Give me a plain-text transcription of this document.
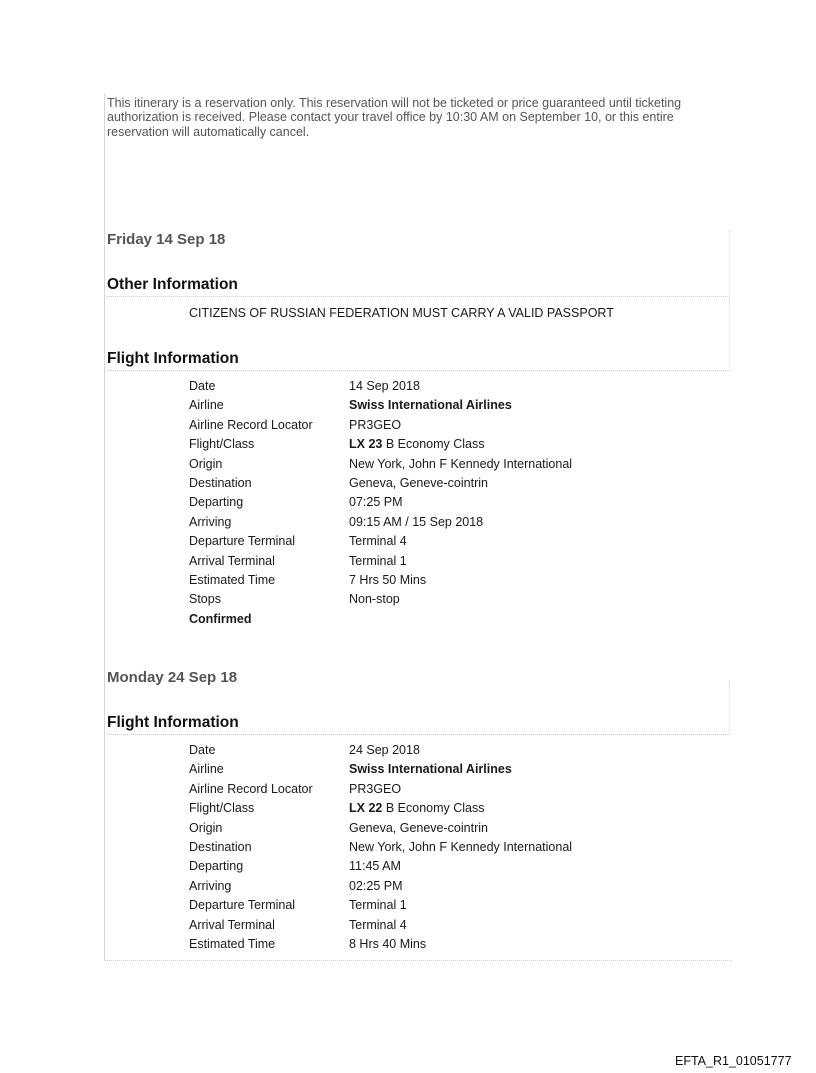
This itinerary is a reservation only. This reservation will not be ticketed or price guaranteed until ticketing authorization is received. Please contact your travel office by 10:30 AM on September 10, or this entire reservation will automatically cancel.
Friday 14 Sep 18
Other Information
CITIZENS OF RUSSIAN FEDERATION MUST CARRY A VALID PASSPORT
Flight Information
Date	14 Sep 2018
Airline	Swiss International Airlines
Airline Record Locator	PR3GEO
Flight/Class	LX 23 B Economy Class
Origin	New York, John F Kennedy International
Destination	Geneva, Geneve-cointrin
Departing	07:25 PM
Arriving	09:15 AM / 15 Sep 2018
Departure Terminal	Terminal 4
Arrival Terminal	Terminal 1
Estimated Time	7 Hrs 50 Mins
Stops	Non-stop
Confirmed
Monday 24 Sep 18
Flight Information
Date	24 Sep 2018
Airline	Swiss International Airlines
Airline Record Locator	PR3GEO
Flight/Class	LX 22 B Economy Class
Origin	Geneva, Geneve-cointrin
Destination	New York, John F Kennedy International
Departing	11:45 AM
Arriving	02:25 PM
Departure Terminal	Terminal 1
Arrival Terminal	Terminal 4
Estimated Time	8 Hrs 40 Mins
EFTA_R1_01051777
